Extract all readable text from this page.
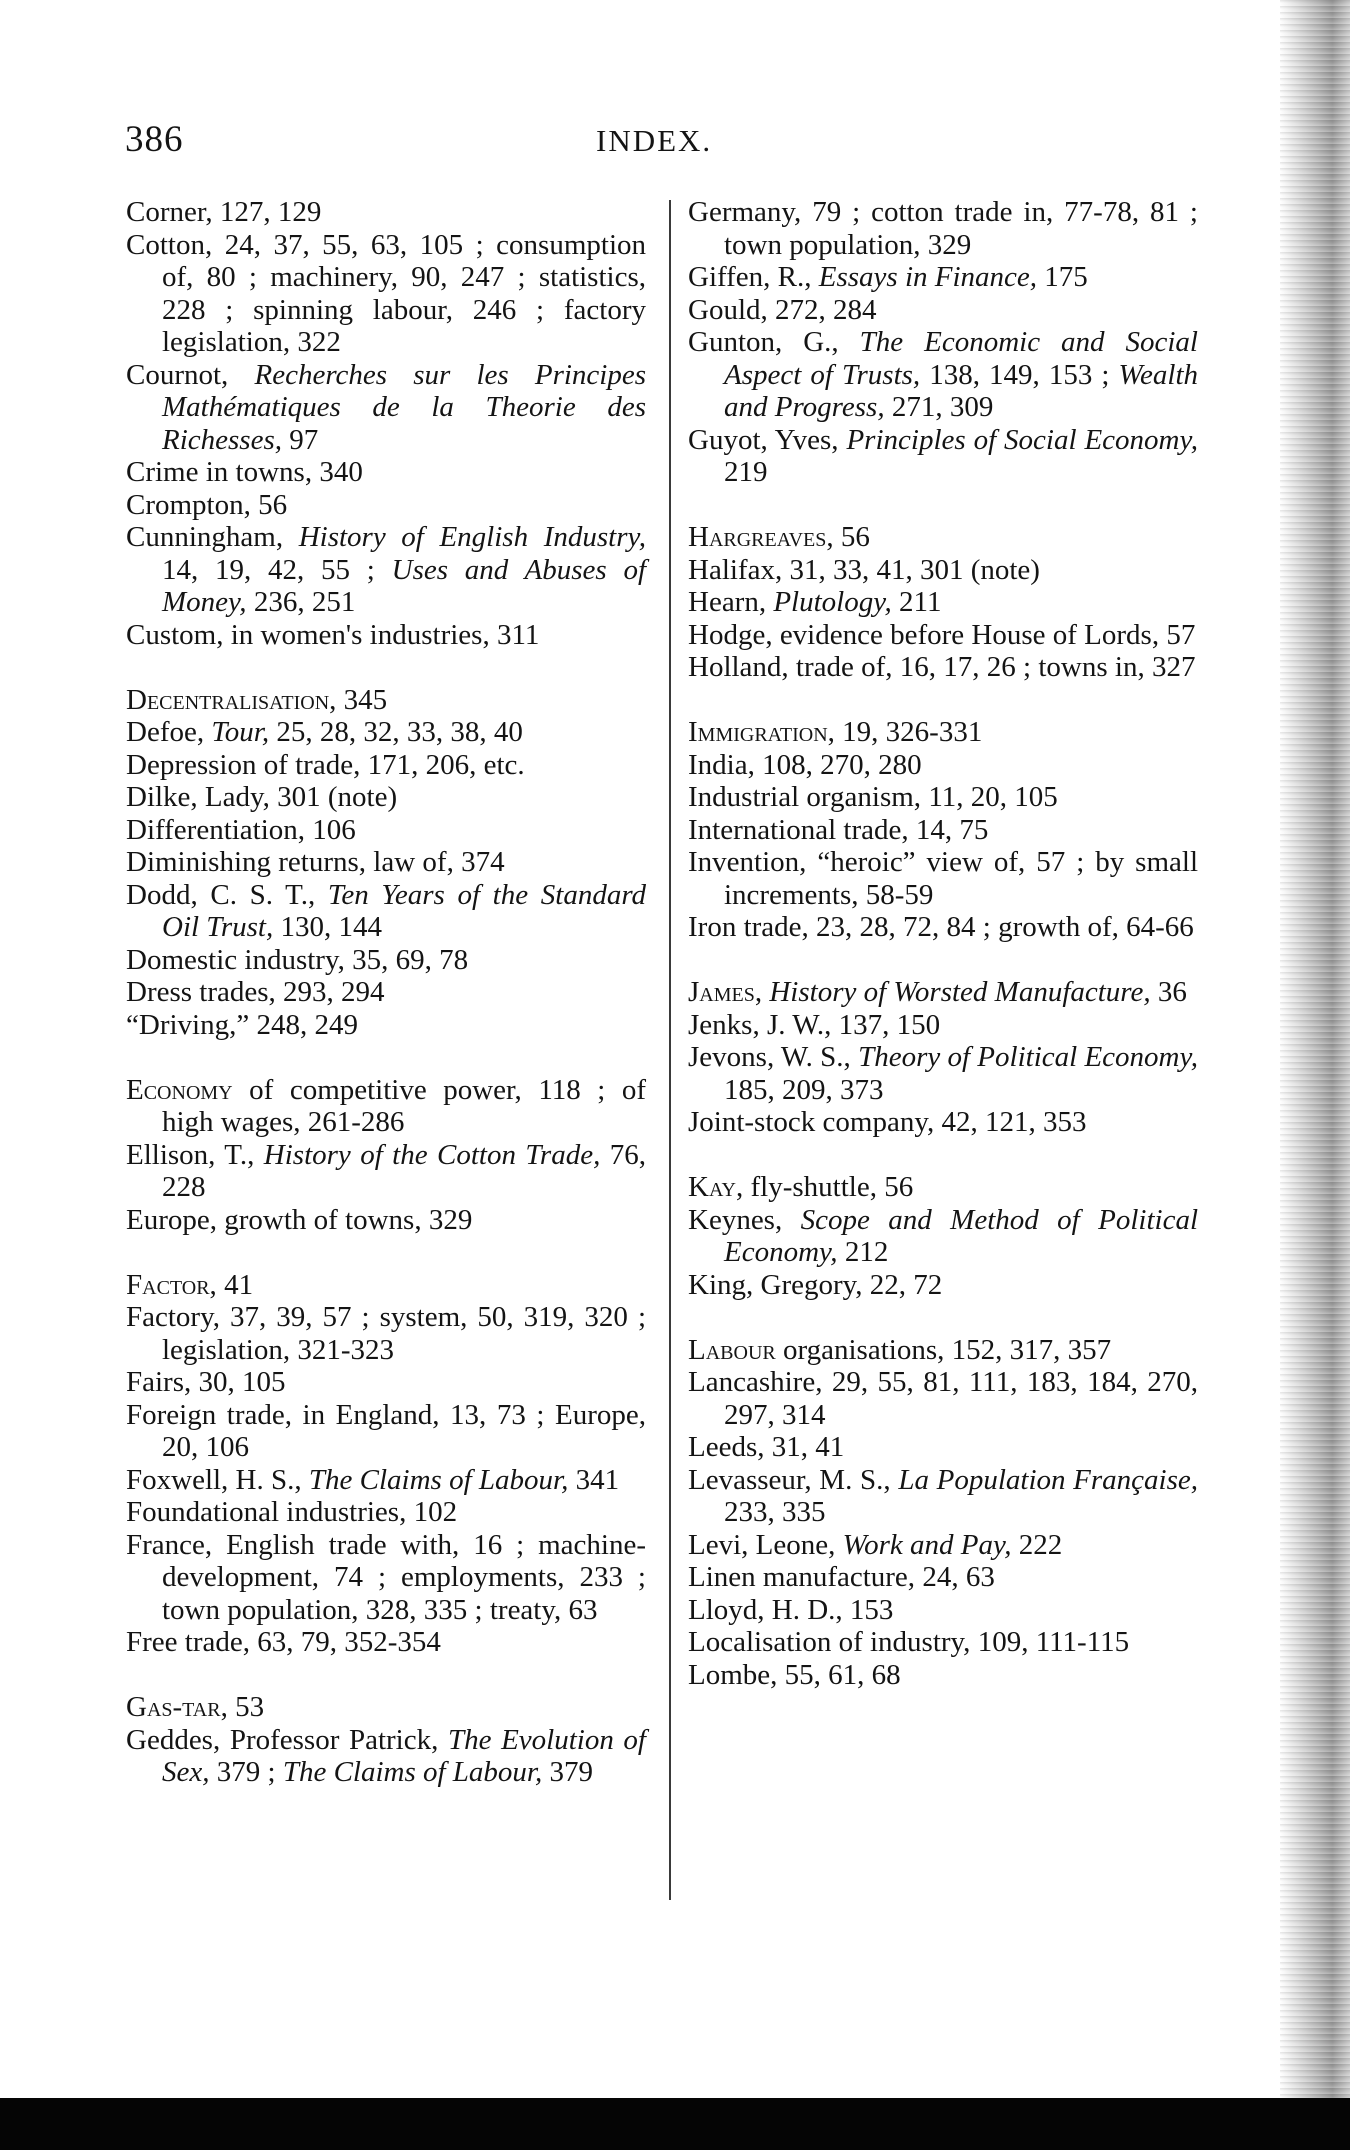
386	INDEX.
Corner, 127, 129
Cotton, 24, 37, 55, 63, 105 ; consumption of, 80 ; machinery, 90, 247 ; statistics, 228 ; spinning labour, 246 ; factory legislation, 322
Cournot, Recherches sur les Principes Mathématiques de la Theorie des Richesses, 97
Crime in towns, 340
Crompton, 56
Cunningham, History of English Industry, 14, 19, 42, 55 ; Uses and Abuses of Money, 236, 251
Custom, in women's industries, 311
Decentralisation, 345
Defoe, Tour, 25, 28, 32, 33, 38, 40
Depression of trade, 171, 206, etc.
Dilke, Lady, 301 (note)
Differentiation, 106
Diminishing returns, law of, 374
Dodd, C. S. T., Ten Years of the Standard Oil Trust, 130, 144
Domestic industry, 35, 69, 78
Dress trades, 293, 294
“Driving,” 248, 249
Economy of competitive power, 118 ; of high wages, 261-286
Ellison, T., History of the Cotton Trade, 76, 228
Europe, growth of towns, 329
Factor, 41
Factory, 37, 39, 57 ; system, 50, 319, 320 ; legislation, 321-323
Fairs, 30, 105
Foreign trade, in England, 13, 73 ; Europe, 20, 106
Foxwell, H. S., The Claims of Labour, 341
Foundational industries, 102
France, English trade with, 16 ; machine-development, 74 ; employments, 233 ; town population, 328, 335 ; treaty, 63
Free trade, 63, 79, 352-354
Gas-tar, 53
Geddes, Professor Patrick, The Evolution of Sex, 379 ; The Claims of Labour, 379
Germany, 79 ; cotton trade in, 77-78, 81 ; town population, 329
Giffen, R., Essays in Finance, 175
Gould, 272, 284
Gunton, G., The Economic and Social Aspect of Trusts, 138, 149, 153 ; Wealth and Progress, 271, 309
Guyot, Yves, Principles of Social Economy, 219
Hargreaves, 56
Halifax, 31, 33, 41, 301 (note)
Hearn, Plutology, 211
Hodge, evidence before House of Lords, 57
Holland, trade of, 16, 17, 26 ; towns in, 327
Immigration, 19, 326-331
India, 108, 270, 280
Industrial organism, 11, 20, 105
International trade, 14, 75
Invention, “heroic” view of, 57 ; by small increments, 58-59
Iron trade, 23, 28, 72, 84 ; growth of, 64-66
James, History of Worsted Manufacture, 36
Jenks, J. W., 137, 150
Jevons, W. S., Theory of Political Economy, 185, 209, 373
Joint-stock company, 42, 121, 353
Kay, fly-shuttle, 56
Keynes, Scope and Method of Political Economy, 212
King, Gregory, 22, 72
Labour organisations, 152, 317, 357
Lancashire, 29, 55, 81, 111, 183, 184, 270, 297, 314
Leeds, 31, 41
Levasseur, M. S., La Population Française, 233, 335
Levi, Leone, Work and Pay, 222
Linen manufacture, 24, 63
Lloyd, H. D., 153
Localisation of industry, 109, 111-115
Lombe, 55, 61, 68
